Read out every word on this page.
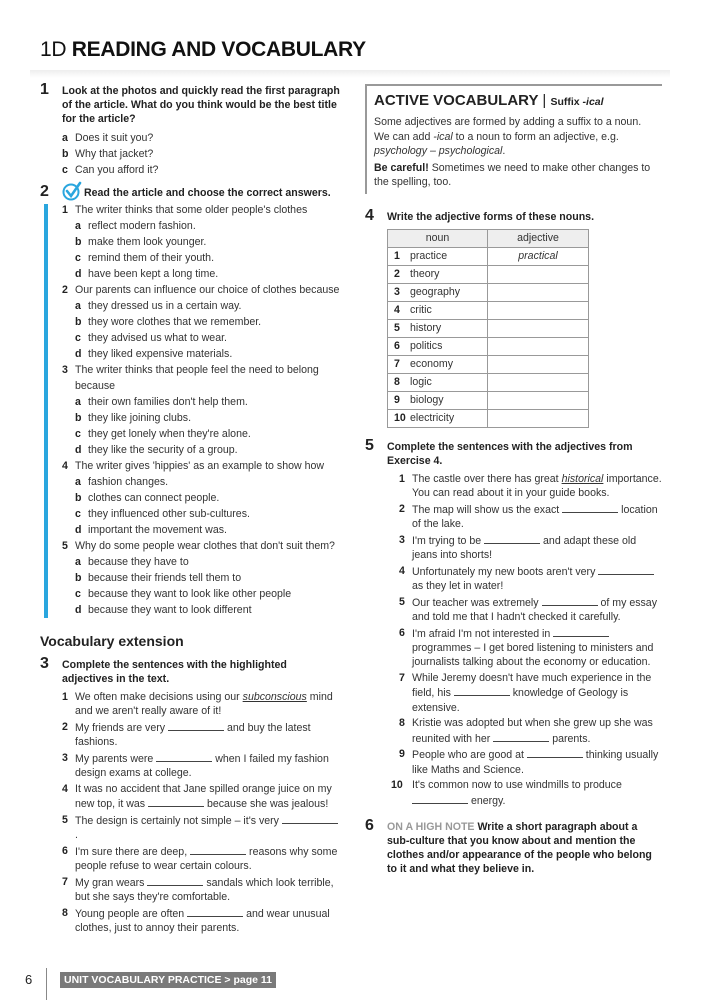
1D READING AND VOCABULARY
1 Look at the photos and quickly read the first paragraph of the article. What do you think would be the best title for the article?
a Does it suit you?
b Why that jacket?
c Can you afford it?
2	Read the article and choose the correct answers.
1 The writer thinks that some older people's clothes
a reflect modern fashion.
b make them look younger.
c remind them of their youth.
d have been kept a long time.
2 Our parents can influence our choice of clothes because
a they dressed us in a certain way.
b they wore clothes that we remember.
c they advised us what to wear.
d they liked expensive materials.
3 The writer thinks that people feel the need to belong because
a their own families don't help them.
b they like joining clubs.
c they get lonely when they're alone.
d they like the security of a group.
4 The writer gives 'hippies' as an example to show how
a fashion changes.
b clothes can connect people.
c they influenced other sub-cultures.
d important the movement was.
5 Why do some people wear clothes that don't suit them?
a because they have to
b because their friends tell them to
c because they want to look like other people
d because they want to look different
Vocabulary extension
3 Complete the sentences with the highlighted adjectives in the text.
1 We often make decisions using our subconscious mind and we aren't really aware of it!
2 My friends are very	and buy the latest fashions.
3 My parents were	when I failed my fashion design exams at college.
4 It was no accident that Jane spilled orange juice on my new top, it was	because she was jealous!
5 The design is certainly not simple – it's very  .
6 I'm sure there are deep,	reasons why some people refuse to wear certain colours.
7 My gran wears	sandals which look terrible, but she says they're comfortable.
8 Young people are often	and wear unusual clothes, just to annoy their parents.
ACTIVE VOCABULARY | Suffix -ical
Some adjectives are formed by adding a suffix to a noun. We can add -ical to a noun to form an adjective, e.g. psychology – psychological.
Be careful! Sometimes we need to make other changes to the spelling, too.
4 Write the adjective forms of these nouns.
noun	adjective
1 practice	practical
2 theory	
3 geography	
4 critic	
5 history	
6 politics	
7 economy	
8 logic	
9 biology	
10 electricity	
5 Complete the sentences with the adjectives from Exercise 4.
1 The castle over there has great historical importance. You can read about it in your guide books.
2 The map will show us the exact	location of the lake.
3 I'm trying to be	and adapt these old jeans into shorts!
4 Unfortunately my new boots aren't very  as they let in water!
5 Our teacher was extremely	of my essay and told me that I hadn't checked it carefully.
6 I'm afraid I'm not interested in  programmes – I get bored listening to ministers and journalists talking about the economy or education.
7 While Jeremy doesn't have much experience in the field, his	knowledge of Geology is extensive.
8 Kristie was adopted but when she grew up she was reunited with her	parents.
9 People who are good at	thinking usually like Maths and Science.
10 It's common now to use windmills to produce  energy.
6 ON A HIGH NOTE Write a short paragraph about a sub-culture that you know about and mention the clothes and/or appearance of the people who belong to it and what they believe in.
6	UNIT VOCABULARY PRACTICE > page 11
